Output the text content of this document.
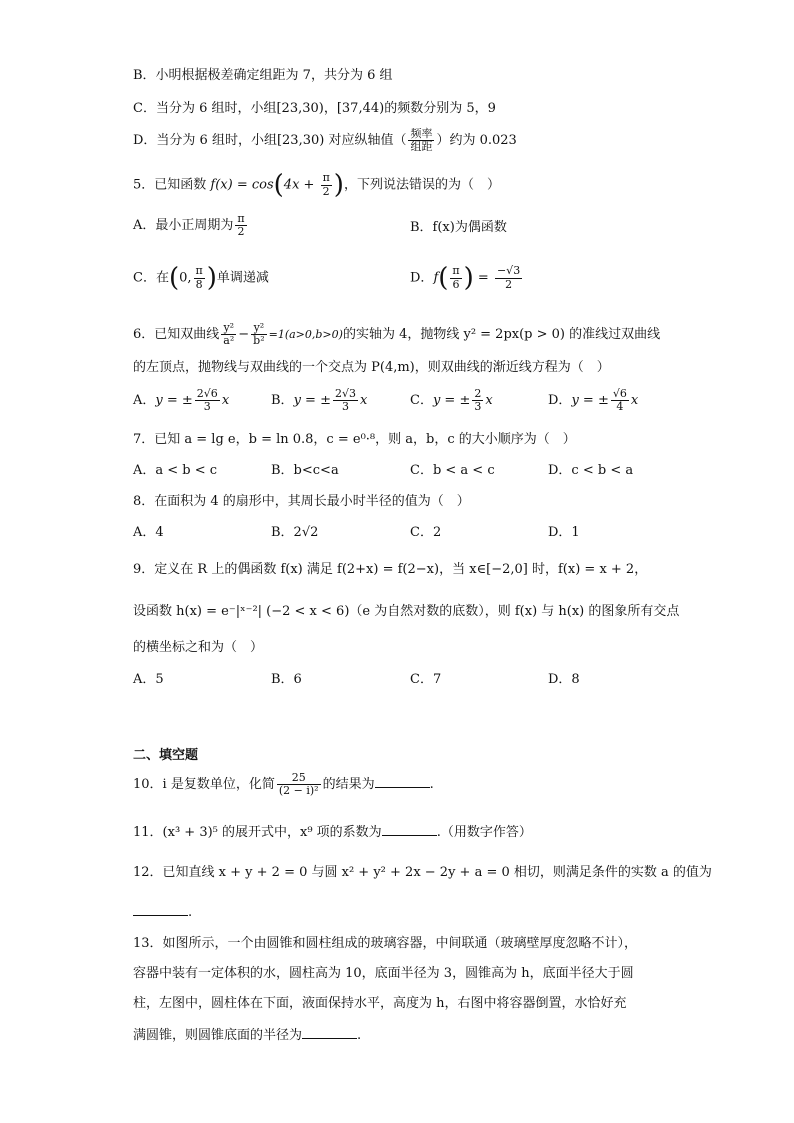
B．小明根据极差确定组距为 7，共分为 6 组
C．当分为 6 组时，小组[23,30)，[37,44)的频数分别为 5，9
D．当分为 6 组时，小组[23,30) 对应纵轴值（ $\frac{\text{频率}}{\text{组距}}$ ）约为 0.023
5．已知函数 $f(x) = \cos(4x + \frac{\pi}{2}$ )，下列说法错误的为（　）
A．最小正周期为 $\frac{\pi}{2}$	B．f(x)为偶函数
C．在(0, $\frac{\pi}{8}$ )单调递减	D．$f( \frac{\pi}{6}$ ) = $\frac{-√3}{2}$
6．已知双曲线 $\frac{\text{y²}}{\text{a²}} - \frac{\text{y²}}{\text{b²}} =1(a>0,b>0)$的实轴为 4，抛物线 y² = 2px(p > 0) 的准线过双曲线
的左顶点，抛物线与双曲线的一个交点为 P(4,m)，则双曲线的渐近线方程为（　）
A．y = ± $\frac{2√6}{3}$ x	B．y = ± $\frac{2√3}{3}$ x	C．y = ± $\frac{2}{3}$ x	D．y = ± $\frac{√6}{4}$ x
7．已知 a = lg e，b = ln 0.8，c = e⁰·⁸，则 a，b，c 的大小顺序为（　）
A．a < b < c	B．b<c<a	C．b < a < c	D．c < b < a
8．在面积为 4 的扇形中，其周长最小时半径的值为（　）
A．4	B．2√2	C．2	D．1
9．定义在 R 上的偶函数 f(x) 满足 f(2+x) = f(2−x)，当 x∈[−2,0] 时，f(x) = x + 2，
设函数 h(x) = e⁻|ˣ⁻²| (−2 < x < 6)（e 为自然对数的底数），则 f(x) 与 h(x) 的图象所有交点
的横坐标之和为（　）
A．5	B．6	C．7	D．8
二、填空题
10．i 是复数单位，化简 $\frac{25}{\text{(2 − i)²}}$ 的结果为	.
11．(x³ + 3)⁵ 的展开式中，x⁹ 项的系数为	.（用数字作答）
12．已知直线 x + y + 2 = 0 与圆 x² + y² + 2x − 2y + a = 0 相切，则满足条件的实数 a 的值为
.
13．如图所示，一个由圆锥和圆柱组成的玻璃容器，中间联通（玻璃壁厚度忽略不计），
容器中装有一定体积的水，圆柱高为 10，底面半径为 3，圆锥高为 h，底面半径大于圆
柱，左图中，圆柱体在下面，液面保持水平，高度为 h，右图中将容器倒置，水恰好充
满圆锥，则圆锥底面的半径为	.
